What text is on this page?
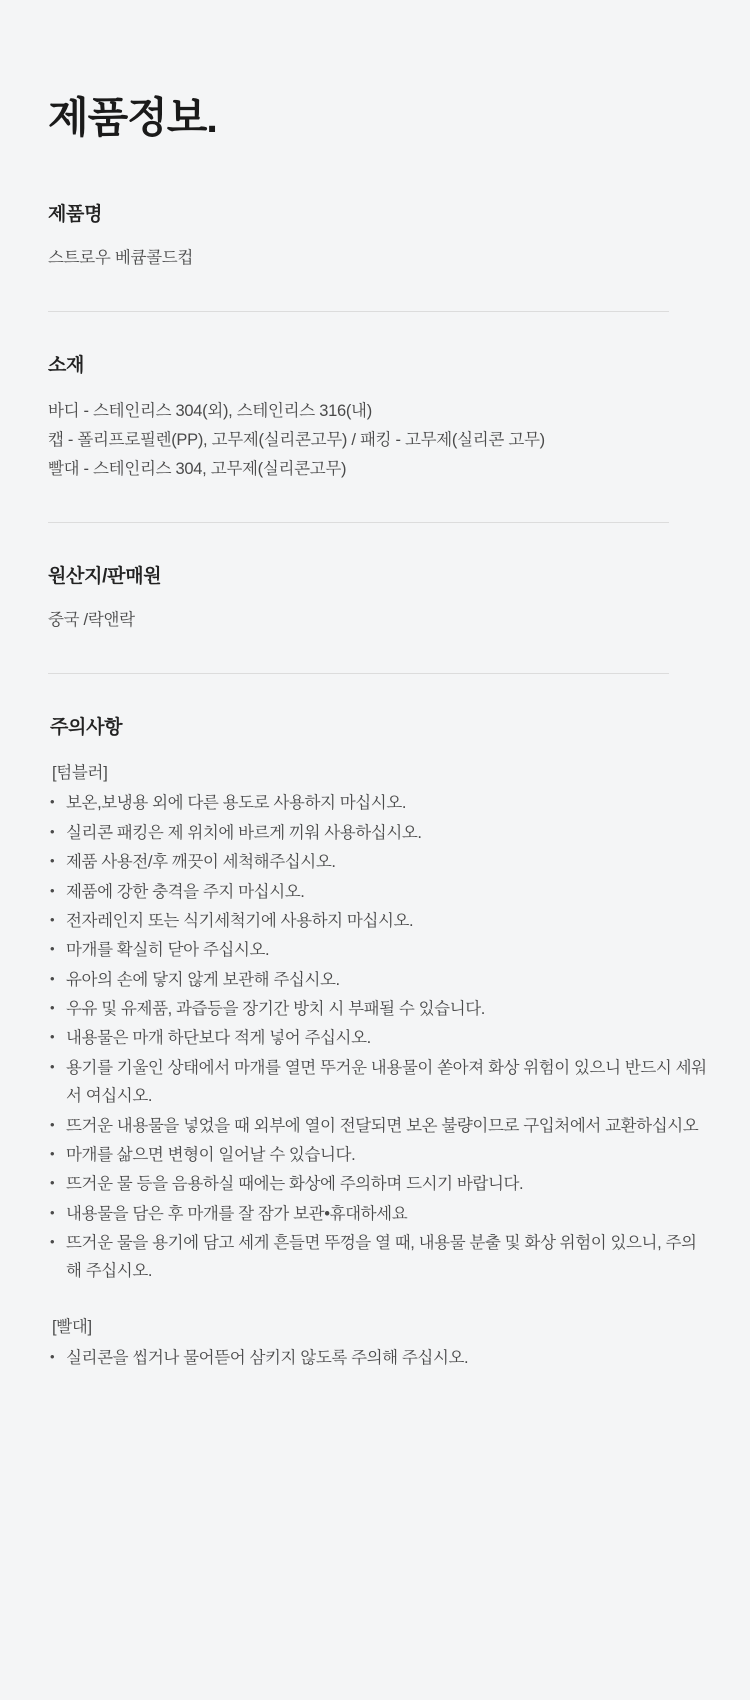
제품정보.
제품명
스트로우 베큠콜드컵
소재
바디 - 스테인리스 304(외), 스테인리스 316(내)
캡 - 폴리프로필렌(PP), 고무제(실리콘고무) / 패킹 - 고무제(실리콘 고무)
빨대 - 스테인리스 304, 고무제(실리콘고무)
원산지/판매원
중국 /락앤락
주의사항
[텀블러]
• 보온,보냉용 외에 다른 용도로 사용하지 마십시오.
• 실리콘 패킹은 제 위치에 바르게 끼워 사용하십시오.
• 제품 사용전/후 깨끗이 세척해주십시오.
• 제품에 강한 충격을 주지 마십시오.
• 전자레인지 또는 식기세척기에 사용하지 마십시오.
• 마개를 확실히 닫아 주십시오.
• 유아의 손에 닿지 않게 보관해 주십시오.
• 우유 및 유제품, 과즙등을 장기간 방치 시 부패될 수 있습니다.
• 내용물은 마개 하단보다 적게 넣어 주십시오.
• 용기를 기울인 상태에서 마개를 열면 뚜거운 내용물이 쏟아져 화상 위험이 있으니 반드시 세워서 여십시오.
• 뜨거운 내용물을 넣었을 때 외부에 열이 전달되면 보온 불량이므로 구입처에서 교환하십시오
• 마개를 삶으면 변형이 일어날 수 있습니다.
• 뜨거운 물 등을 음용하실 때에는 화상에 주의하며 드시기 바랍니다.
• 내용물을 담은 후 마개를 잘 잠가 보관•휴대하세요
• 뜨거운 물을 용기에 담고 세게 흔들면 뚜껑을 열 때, 내용물 분출 및 화상 위험이 있으니, 주의해 주십시오.
[빨대]
• 실리콘을 씹거나 물어뜯어 삼키지 않도록 주의해 주십시오.
